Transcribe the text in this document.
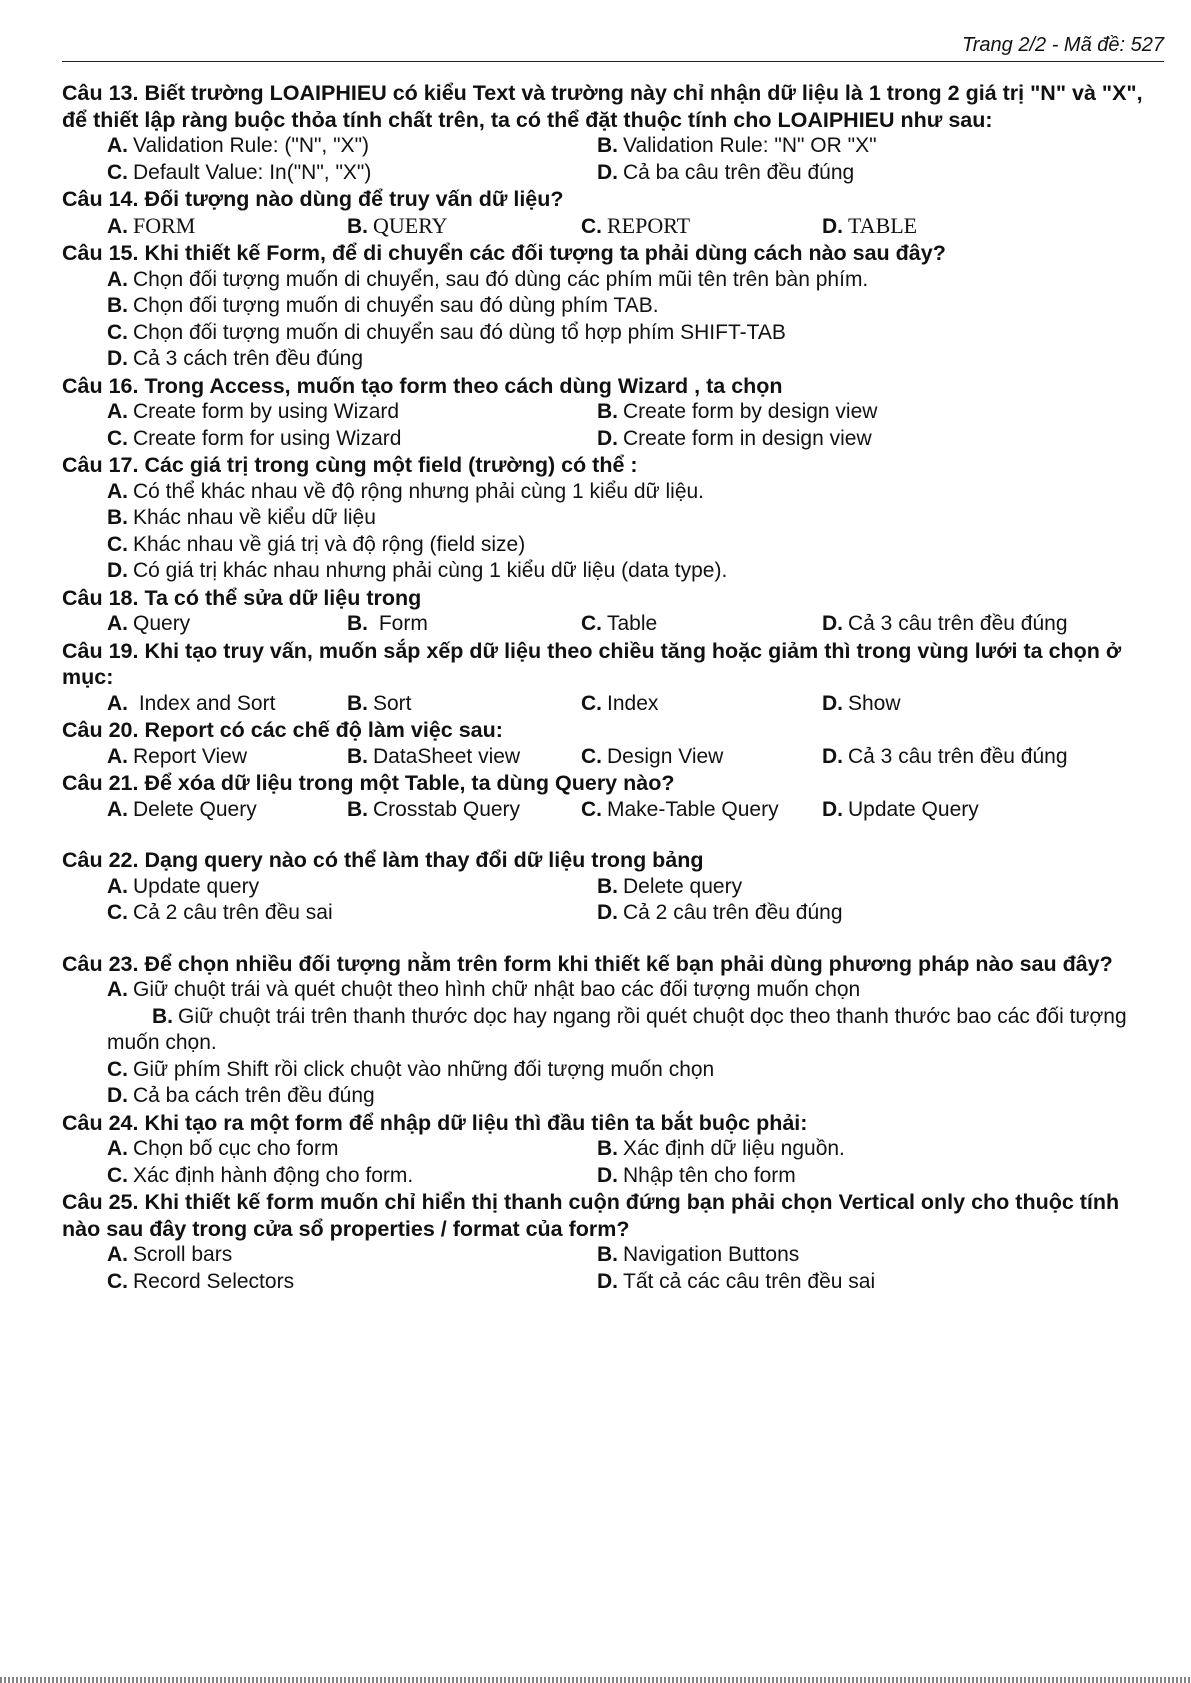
Trang 2/2 - Mã đề: 527

Câu 13. Biết trường LOAIPHIEU có kiểu Text và trường này chỉ nhận dữ liệu là 1 trong 2 giá trị "N" và "X", để thiết lập ràng buộc thỏa tính chất trên, ta có thể đặt thuộc tính cho LOAIPHIEU như sau:

A. Validation Rule: ("N", "X")	B. Validation Rule: "N" OR "X"
C. Default Value: In("N", "X")	D. Cả ba câu trên đều đúng

Câu 14. Đối tượng nào dùng để truy vấn dữ liệu?

A. FORM	B. QUERY	C. REPORT	D. TABLE

Câu 15. Khi thiết kế Form, để di chuyển các đối tượng ta phải dùng cách nào sau đây?

A. Chọn đối tượng muốn di chuyển, sau đó dùng các phím mũi tên trên bàn phím.
B. Chọn đối tượng muốn di chuyển sau đó dùng phím TAB.
C. Chọn đối tượng muốn di chuyển sau đó dùng tổ hợp phím SHIFT-TAB
D. Cả 3 cách trên đều đúng

Câu 16. Trong Access, muốn tạo form theo cách dùng Wizard , ta chọn

A. Create form by using Wizard	B. Create form by design view
C. Create form for using Wizard	D. Create form in design view

Câu 17. Các giá trị trong cùng một field (trường) có thể :

A. Có thể khác nhau về độ rộng nhưng phải cùng 1 kiểu dữ liệu.
B. Khác nhau về kiểu dữ liệu
C. Khác nhau về giá trị và độ rộng (field size)
D. Có giá trị khác nhau nhưng phải cùng 1 kiểu dữ liệu (data type).

Câu 18. Ta có thể sửa dữ liệu trong

A. Query	B. Form	C. Table	D. Cả 3 câu trên đều đúng

Câu 19. Khi tạo truy vấn, muốn sắp xếp dữ liệu theo chiều tăng hoặc giảm thì trong vùng lưới ta chọn ở mục:

A. Index and Sort	B. Sort	C. Index	D. Show

Câu 20. Report có các chế độ làm việc sau:

A. Report View	B. DataSheet view	C. Design View	D. Cả 3 câu trên đều đúng

Câu 21. Để xóa dữ liệu trong một Table, ta dùng Query nào?

A. Delete Query	B. Crosstab Query	C. Make-Table Query	D. Update Query

Câu 22. Dạng query nào có thể làm thay đổi dữ liệu trong bảng

A. Update query	B. Delete query
C. Cả 2 câu trên đều sai	D. Cả 2 câu trên đều đúng

Câu 23. Để chọn nhiều đối tượng nằm trên form khi thiết kế bạn phải dùng phương pháp nào sau đây?

A. Giữ chuột trái và quét chuột theo hình chữ nhật bao các đối tượng muốn chọn
B. Giữ chuột trái trên thanh thước dọc hay ngang rồi quét chuột dọc theo thanh thước bao các đối tượng muốn chọn.
C. Giữ phím Shift rồi click chuột vào những đối tượng muốn chọn
D. Cả ba cách trên đều đúng

Câu 24. Khi tạo ra một form để nhập dữ liệu thì đầu tiên ta bắt buộc phải:

A. Chọn bố cục cho form	B. Xác định dữ liệu nguồn.
C. Xác định hành động cho form.	D. Nhập tên cho form

Câu 25. Khi thiết kế form muốn chỉ hiển thị thanh cuộn đứng bạn phải chọn Vertical only cho thuộc tính nào sau đây trong cửa sổ properties / format của form?

A. Scroll bars	B. Navigation Buttons
C. Record Selectors	D. Tất cả các câu trên đều sai
